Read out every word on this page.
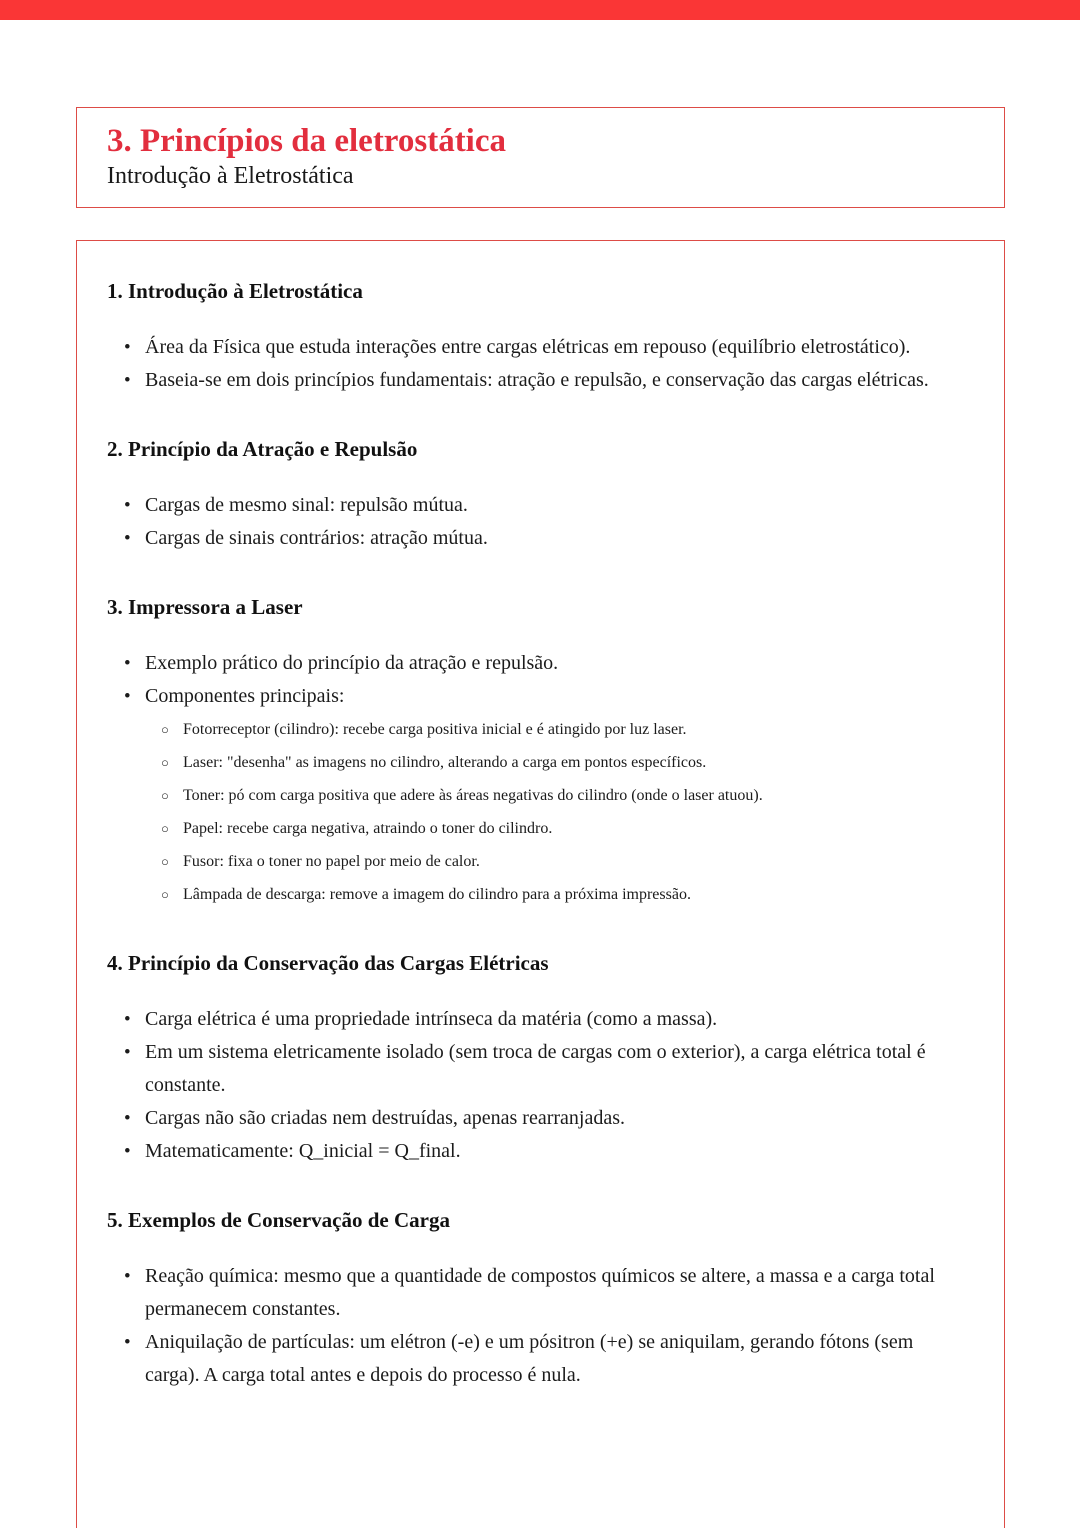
3. Princípios da eletrostática
Introdução à Eletrostática
1. Introdução à Eletrostática
• Área da Física que estuda interações entre cargas elétricas em repouso (equilíbrio eletrostático).
• Baseia-se em dois princípios fundamentais: atração e repulsão, e conservação das cargas elétricas.
2. Princípio da Atração e Repulsão
• Cargas de mesmo sinal: repulsão mútua.
• Cargas de sinais contrários: atração mútua.
3. Impressora a Laser
• Exemplo prático do princípio da atração e repulsão.
• Componentes principais:
○ Fotorreceptor (cilindro): recebe carga positiva inicial e é atingido por luz laser.
○ Laser: "desenha" as imagens no cilindro, alterando a carga em pontos específicos.
○ Toner: pó com carga positiva que adere às áreas negativas do cilindro (onde o laser atuou).
○ Papel: recebe carga negativa, atraindo o toner do cilindro.
○ Fusor: fixa o toner no papel por meio de calor.
○ Lâmpada de descarga: remove a imagem do cilindro para a próxima impressão.
4. Princípio da Conservação das Cargas Elétricas
• Carga elétrica é uma propriedade intrínseca da matéria (como a massa).
• Em um sistema eletricamente isolado (sem troca de cargas com o exterior), a carga elétrica total é constante.
• Cargas não são criadas nem destruídas, apenas rearranjadas.
• Matematicamente: Q_inicial = Q_final.
5. Exemplos de Conservação de Carga
• Reação química: mesmo que a quantidade de compostos químicos se altere, a massa e a carga total permanecem constantes.
• Aniquilação de partículas: um elétron (-e) e um pósitron (+e) se aniquilam, gerando fótons (sem carga). A carga total antes e depois do processo é nula.
